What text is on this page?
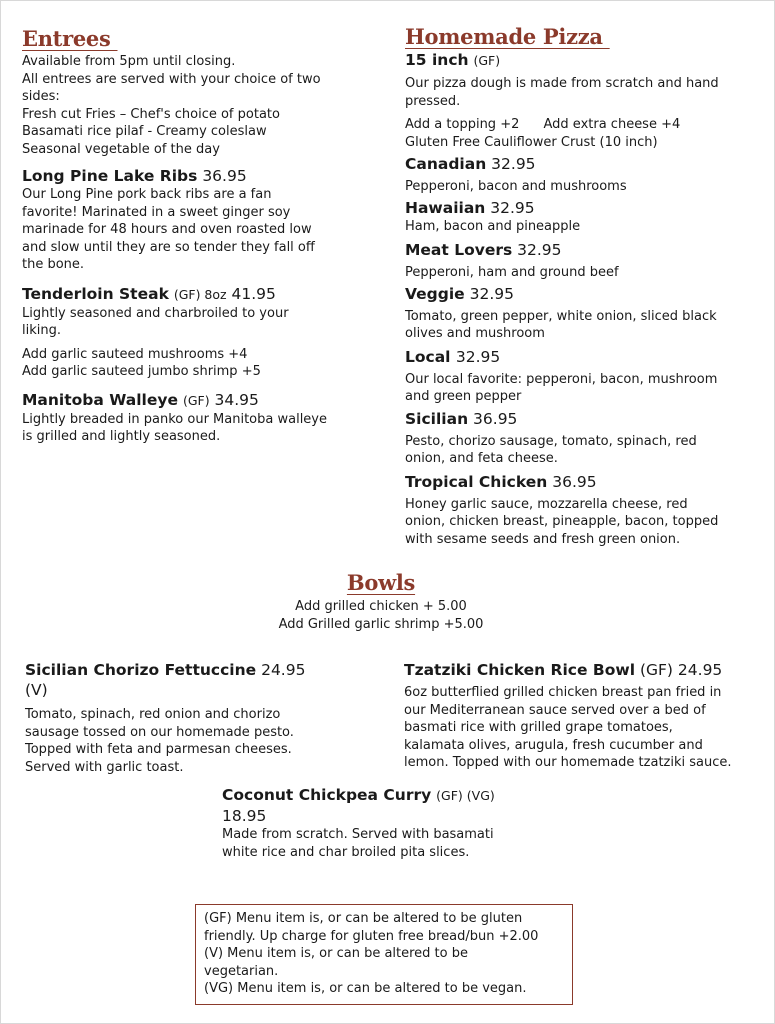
Entrees
Available from 5pm until closing.
All entrees are served with your choice of two
sides:
Fresh cut Fries – Chef's choice of potato
Basamati rice pilaf - Creamy coleslaw
Seasonal vegetable of the day
Long Pine Lake Ribs 36.95
Our Long Pine pork back ribs are a fan
favorite! Marinated in a sweet ginger soy
marinade for 48 hours and oven roasted low
and slow until they are so tender they fall off
the bone.
Tenderloin Steak (GF) 8oz 41.95
Lightly seasoned and charbroiled to your
liking.
Add garlic sauteed mushrooms +4
Add garlic sauteed jumbo shrimp +5
Manitoba Walleye (GF) 34.95
Lightly breaded in panko our Manitoba walleye
is grilled and lightly seasoned.
Homemade Pizza
15 inch (GF)
Our pizza dough is made from scratch and hand
pressed.
Add a topping +2 Add extra cheese +4
Gluten Free Cauliflower Crust (10 inch)
Canadian 32.95
Pepperoni, bacon and mushrooms
Hawaiian 32.95
Ham, bacon and pineapple
Meat Lovers 32.95
Pepperoni, ham and ground beef
Veggie 32.95
Tomato, green pepper, white onion, sliced black
olives and mushroom
Local 32.95
Our local favorite: pepperoni, bacon, mushroom
and green pepper
Sicilian 36.95
Pesto, chorizo sausage, tomato, spinach, red
onion, and feta cheese.
Tropical Chicken 36.95
Honey garlic sauce, mozzarella cheese, red
onion, chicken breast, pineapple, bacon, topped
with sesame seeds and fresh green onion.
Bowls
Add grilled chicken + 5.00
Add Grilled garlic shrimp +5.00
Sicilian Chorizo Fettuccine 24.95
(V)
Tomato, spinach, red onion and chorizo
sausage tossed on our homemade pesto.
Topped with feta and parmesan cheeses.
Served with garlic toast.
Tzatziki Chicken Rice Bowl (GF) 24.95
6oz butterflied grilled chicken breast pan fried in
our Mediterranean sauce served over a bed of
basmati rice with grilled grape tomatoes,
kalamata olives, arugula, fresh cucumber and
lemon. Topped with our homemade tzatziki sauce.
Coconut Chickpea Curry (GF) (VG)
18.95
Made from scratch. Served with basamati
white rice and char broiled pita slices.
(GF) Menu item is, or can be altered to be gluten
friendly. Up charge for gluten free bread/bun +2.00
(V) Menu item is, or can be altered to be
vegetarian.
(VG) Menu item is, or can be altered to be vegan.
